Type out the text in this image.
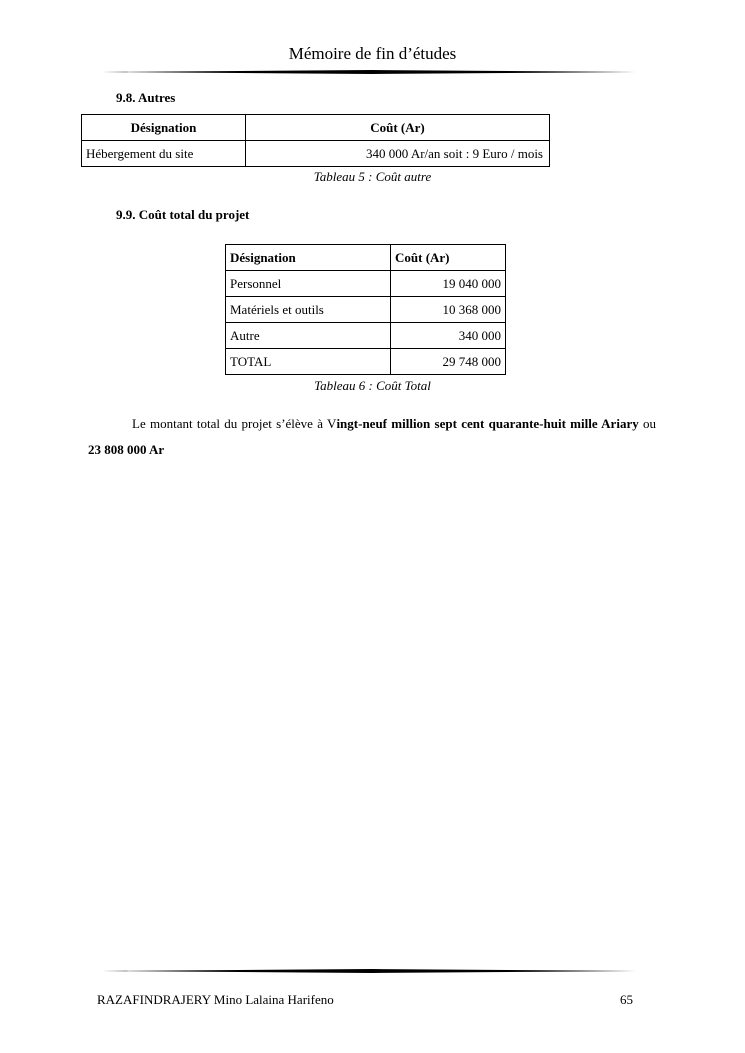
Mémoire de fin d’études
9.8. Autres
Désignation	Coût (Ar)
Hébergement du site	340 000 Ar/an soit : 9 Euro / mois
Tableau 5 : Coût autre
9.9. Coût total du projet
Désignation	Coût (Ar)
Personnel	19 040 000
Matériels et outils	10 368 000
Autre	340 000
TOTAL	29 748 000
Tableau 6 : Coût Total
Le montant total du projet s’élève à Vingt-neuf million sept cent quarante-huit mille Ariary ou 23 808 000 Ar
RAZAFINDRAJERY Mino Lalaina Harifeno	65
